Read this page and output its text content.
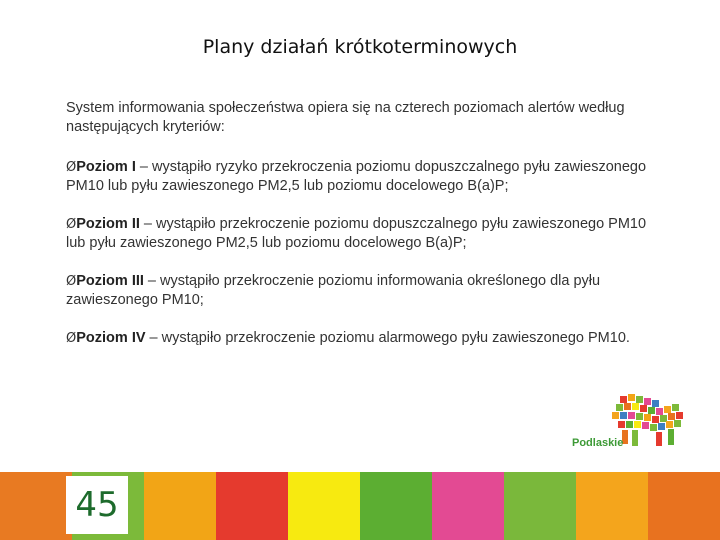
Plany działań krótkoterminowych
System informowania społeczeństwa opiera się na czterech poziomach alertów według następujących kryteriów:
ØPoziom I – wystąpiło ryzyko przekroczenia poziomu dopuszczalnego pyłu zawieszonego PM10 lub pyłu zawieszonego PM2,5 lub poziomu docelowego B(a)P;
ØPoziom II – wystąpiło przekroczenie poziomu dopuszczalnego pyłu zawieszonego PM10 lub pyłu zawieszonego PM2,5 lub poziomu docelowego B(a)P;
ØPoziom III – wystąpiło przekroczenie poziomu informowania określonego dla pyłu zawieszonego PM10;
ØPoziom IV – wystąpiło przekroczenie poziomu alarmowego pyłu zawieszonego PM10.
Podlaskie
45
